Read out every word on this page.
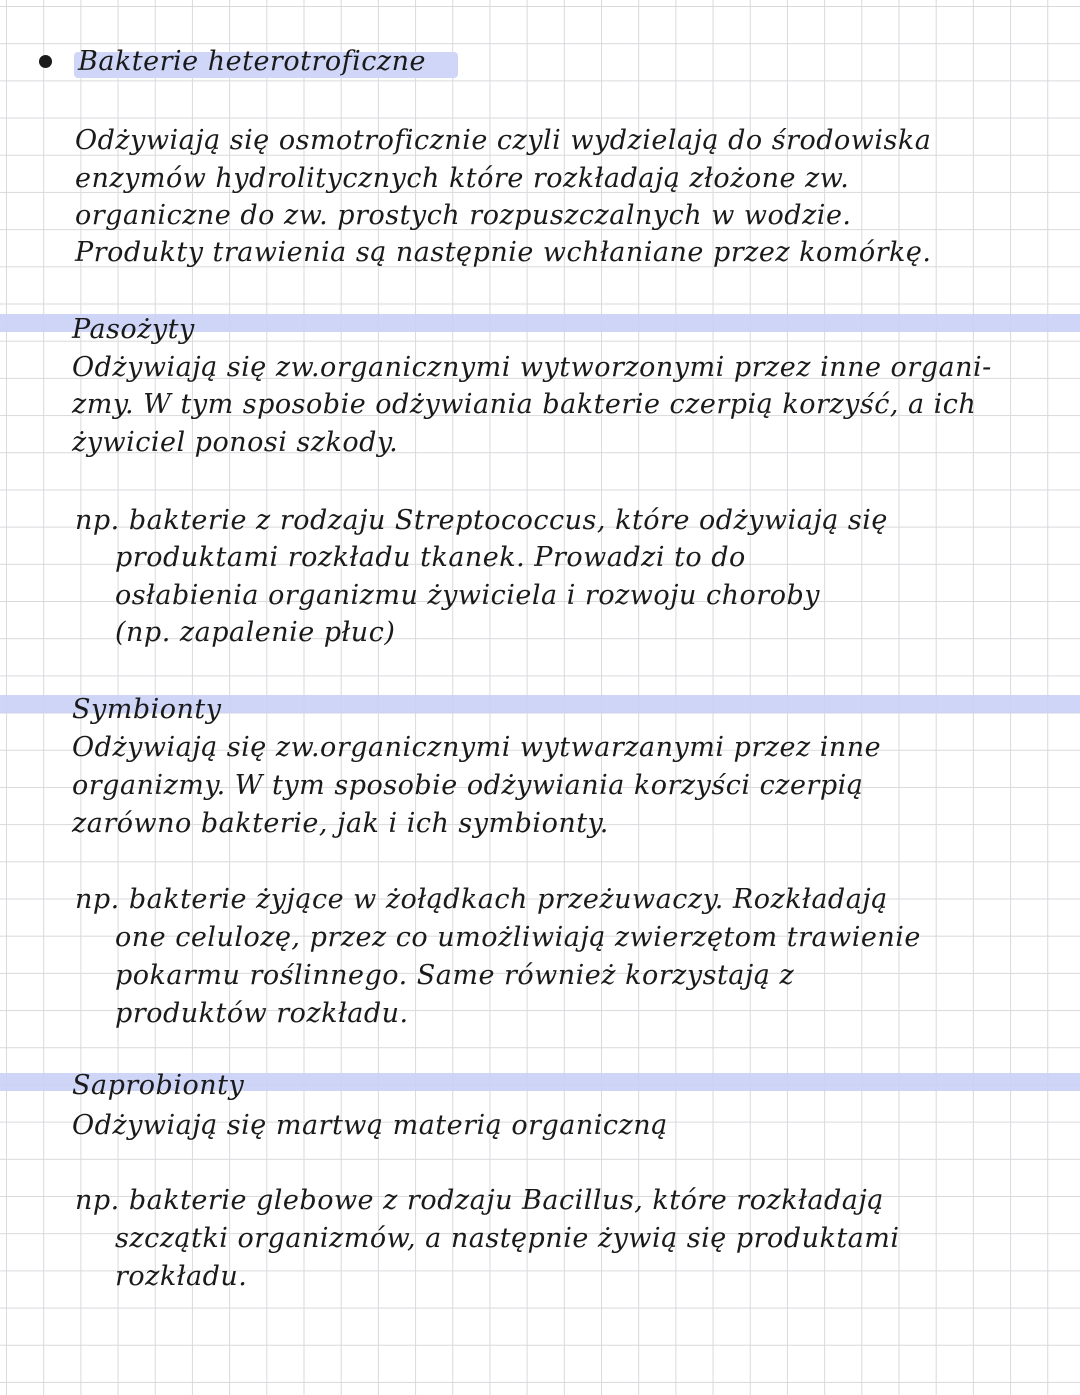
Bakterie heterotroficzne
Odżywiają się osmotroficznie czyli wydzielają do środowiska
enzymów hydrolitycznych które rozkładają złożone zw.
organiczne do zw. prostych rozpuszczalnych w wodzie.
Produkty trawienia są następnie wchłaniane przez komórkę.
Pasożyty
Odżywiają się zw.organicznymi wytworzonymi przez inne organi-
zmy. W tym sposobie odżywiania bakterie czerpią korzyść, a ich
żywiciel ponosi szkody.
np. bakterie z rodzaju Streptococcus, które odżywiają się
produktami rozkładu tkanek. Prowadzi to do
osłabienia organizmu żywiciela i rozwoju choroby
(np. zapalenie płuc)
Symbionty
Odżywiają się zw.organicznymi wytwarzanymi przez inne
organizmy. W tym sposobie odżywiania korzyści czerpią
zarówno bakterie, jak i ich symbionty.
np. bakterie żyjące w żołądkach przeżuwaczy. Rozkładają
one celulozę, przez co umożliwiają zwierzętom trawienie
pokarmu roślinnego. Same również korzystają z
produktów rozkładu.
Saprobionty
Odżywiają się martwą materią organiczną
np. bakterie glebowe z rodzaju Bacillus, które rozkładają
szczątki organizmów, a następnie żywią się produktami
rozkładu.
